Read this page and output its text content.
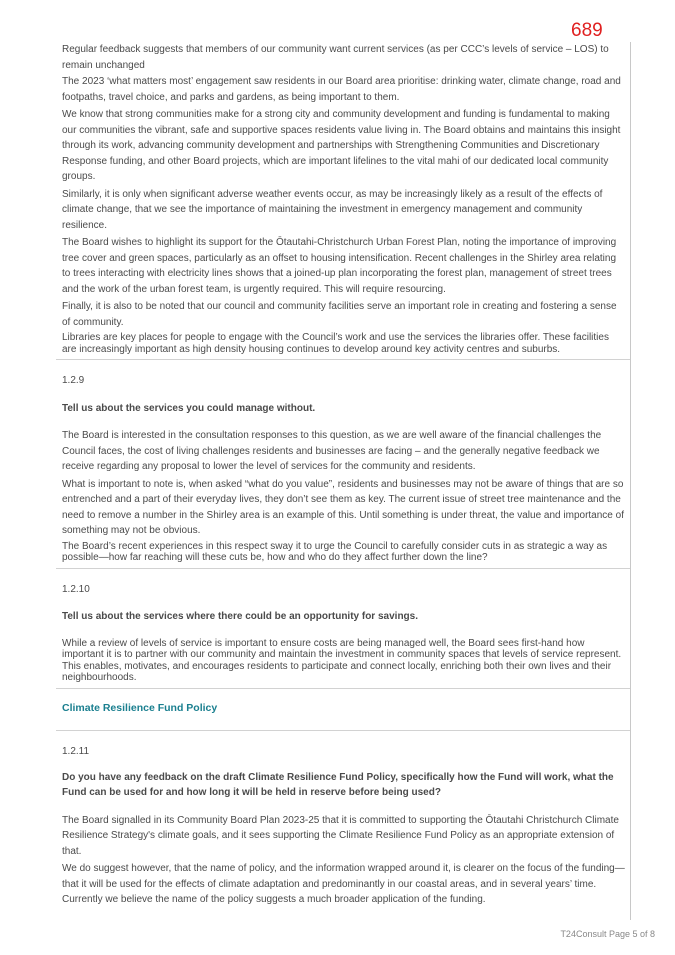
689

Regular feedback suggests that members of our community want current services (as per CCC’s levels of service – LOS) to remain unchanged

The 2023 ‘what matters most’ engagement saw residents in our Board area prioritise: drinking water, climate change, road and footpaths, travel choice, and parks and gardens, as being important to them.

We know that strong communities make for a strong city and community development and funding is fundamental to making our communities the vibrant, safe and supportive spaces residents value living in. The Board obtains and maintains this insight through its work, advancing community development and partnerships with Strengthening Communities and Discretionary Response funding, and other Board projects, which are important lifelines to the vital mahi of our dedicated local community groups.

Similarly, it is only when significant adverse weather events occur, as may be increasingly likely as a result of the effects of climate change, that we see the importance of maintaining the investment in emergency management and community resilience.

The Board wishes to highlight its support for the Ōtautahi-Christchurch Urban Forest Plan, noting the importance of improving tree cover and green spaces, particularly as an offset to housing intensification. Recent challenges in the Shirley area relating to trees interacting with electricity lines shows that a joined-up plan incorporating the forest plan, management of street trees and the work of the urban forest team, is urgently required. This will require resourcing.

Finally, it is also to be noted that our council and community facilities serve an important role in creating and fostering a sense of community.

Libraries are key places for people to engage with the Council’s work and use the services the libraries offer. These facilities are increasingly important as high density housing continues to develop around key activity centres and suburbs.

1.2.9

Tell us about the services you could manage without.

The Board is interested in the consultation responses to this question, as we are well aware of the financial challenges the Council faces, the cost of living challenges residents and businesses are facing – and the generally negative feedback we receive regarding any proposal to lower the level of services for the community and residents.

What is important to note is, when asked “what do you value”, residents and businesses may not be aware of things that are so entrenched and a part of their everyday lives, they don’t see them as key. The current issue of street tree maintenance and the need to remove a number in the Shirley area is an example of this. Until something is under threat, the value and importance of something may not be obvious.

The Board’s recent experiences in this respect sway it to urge the Council to carefully consider cuts in as strategic a way as possible—how far reaching will these cuts be, how and who do they affect further down the line?

1.2.10

Tell us about the services where there could be an opportunity for savings.

While a review of levels of service is important to ensure costs are being managed well, the Board sees first-hand how important it is to partner with our community and maintain the investment in community spaces that levels of service represent. This enables, motivates, and encourages residents to participate and connect locally, enriching both their own lives and their neighbourhoods.

Climate Resilience Fund Policy

1.2.11

Do you have any feedback on the draft Climate Resilience Fund Policy, specifically how the Fund will work, what the Fund can be used for and how long it will be held in reserve before being used?

The Board signalled in its Community Board Plan 2023-25 that it is committed to supporting the Ōtautahi Christchurch Climate Resilience Strategy's climate goals, and it sees supporting the Climate Resilience Fund Policy as an appropriate extension of that.

We do suggest however, that the name of policy, and the information wrapped around it, is clearer on the focus of the funding—that it will be used for the effects of climate adaptation and predominantly in our coastal areas, and in several years’ time. Currently we believe the name of the policy suggests a much broader application of the funding.

T24Consult Page 5 of 8
